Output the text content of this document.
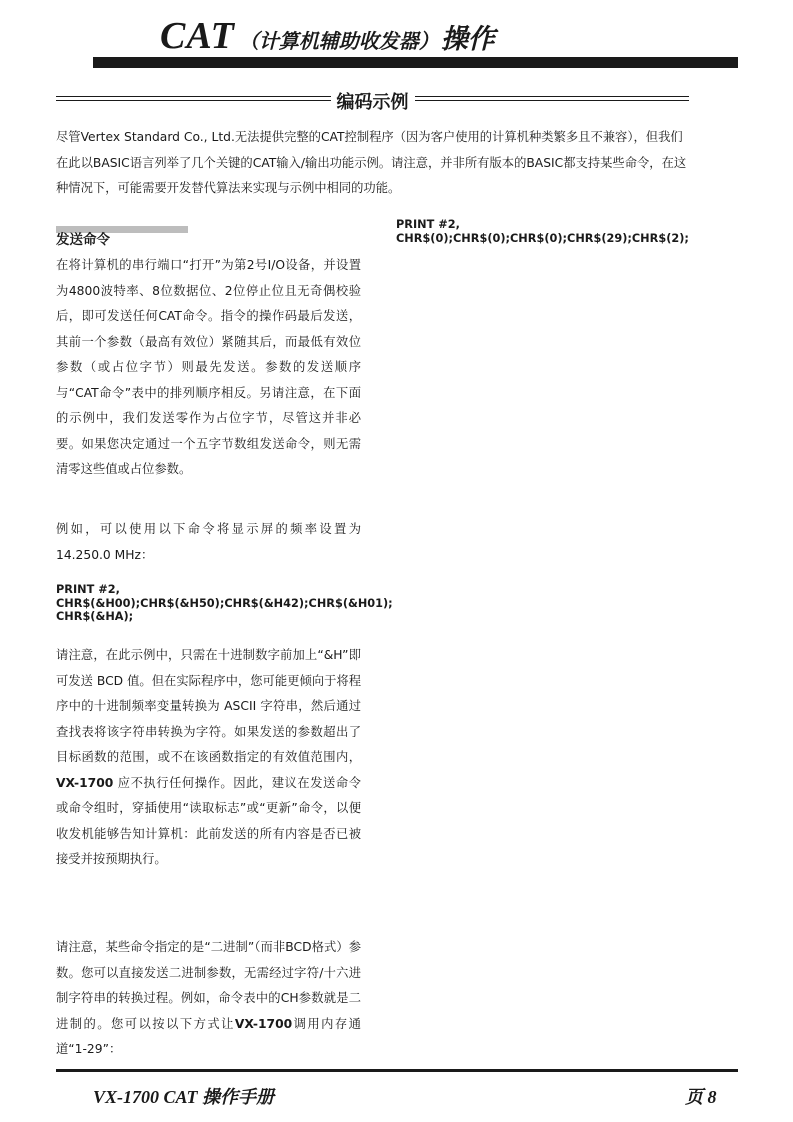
CAT （计算机辅助收发器） 操作
编码示例

尽管Vertex Standard Co., Ltd.无法提供完整的CAT控制程序（因为客户使用的计算机种类繁多且不兼容），但我们在此以BASIC语言列举了几个关键的CAT输入/输出功能示例。请注意，并非所有版本的BASIC都支持某些命令，在这种情况下，可能需要开发替代算法来实现与示例中相同的功能。

发送命令

在将计算机的串行端口“打开”为第2号I/O设备，并设置为4800波特率、8位数据位、2位停止位且无奇偶校验后，即可发送任何CAT命令。指令的操作码最后发送，其前一个参数（最高有效位）紧随其后，而最低有效位参数（或占位字节）则最先发送。参数的发送顺序与“CAT命令”表中的排列顺序相反。另请注意，在下面的示例中，我们发送零作为占位字节，尽管这并非必要。如果您决定通过一个五字节数组发送命令，则无需清零这些值或占位参数。

例如，可以使用以下命令将显示屏的频率设置为14.250.0 MHz：

PRINT #2,
CHR$(&H00);CHR$(&H50);CHR$(&H42);CHR$(&H01);
CHR$(&HA);

请注意，在此示例中，只需在十进制数字前加上“&H”即可发送 BCD 值。但在实际程序中，您可能更倾向于将程序中的十进制频率变量转换为 ASCII 字符串，然后通过查找表将该字符串转换为字符。如果发送的参数超出了目标函数的范围，或不在该函数指定的有效值范围内，VX-1700 应不执行任何操作。因此，建议在发送命令或命令组时，穿插使用“读取标志”或“更新”命令，以便收发机能够告知计算机：此前发送的所有内容是否已被接受并按预期执行。

请注意，某些命令指定的是“二进制”（而非BCD格式）参数。您可以直接发送二进制参数，无需经过字符/十六进制字符串的转换过程。例如，命令表中的CH参数就是二进制的。您可以按以下方式让VX-1700调用内存通道“1-29”：

PRINT #2,
CHR$(0);CHR$(0);CHR$(0);CHR$(29);CHR$(2);
VX-1700 CAT 操作手册	页 8
